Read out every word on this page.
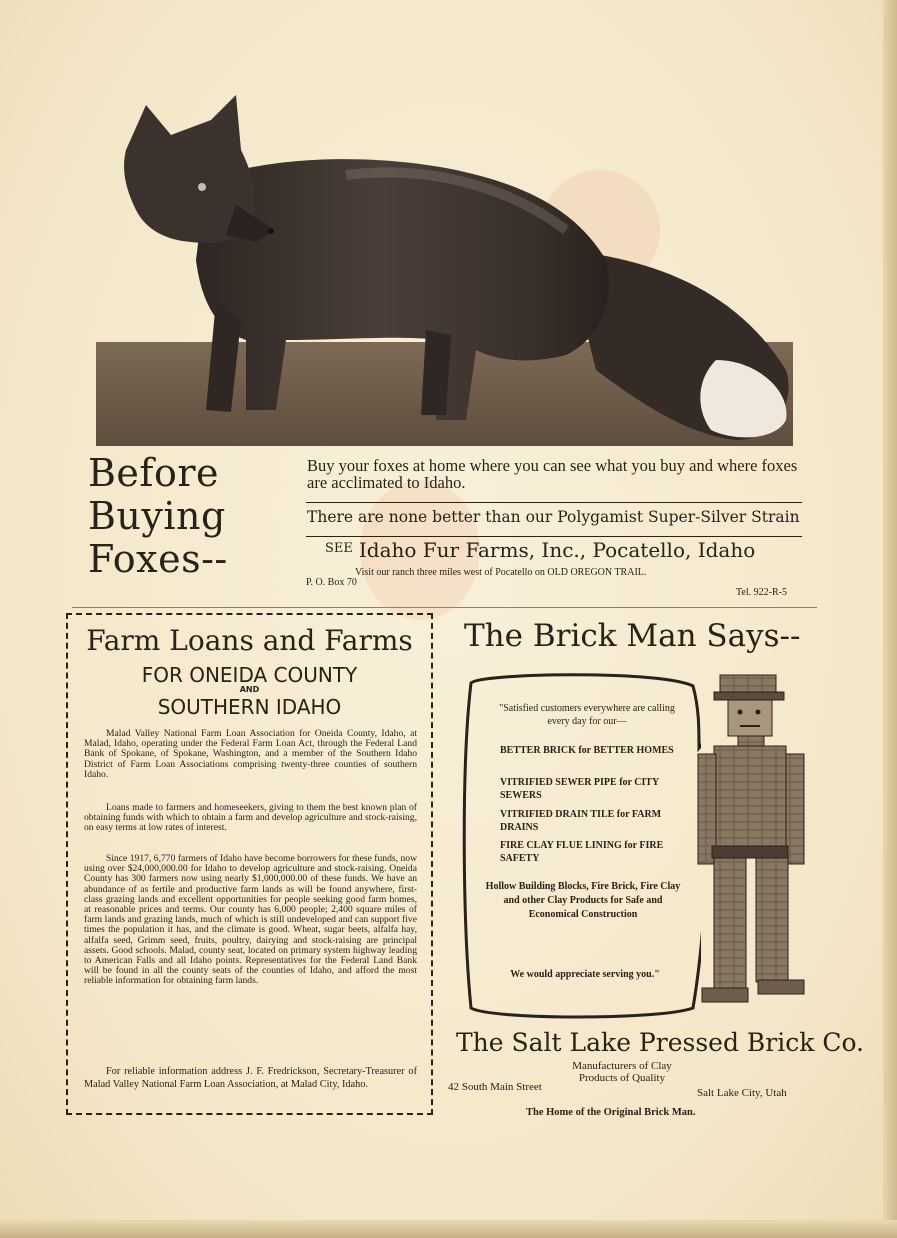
Before
Buying
Foxes--
Buy your foxes at home where you can see what you buy and where foxes are acclimated to Idaho.
There are none better than our Polygamist Super-Silver Strain
$^{SEE}$ Idaho Fur Farms, Inc., Pocatello, Idaho
Visit our ranch three miles west of Pocatello on OLD OREGON TRAIL.
P. O. Box 70
Tel. 922-R-5
Farm Loans and Farms
FOR ONEIDA COUNTY
AND
SOUTHERN IDAHO

Malad Valley National Farm Loan Association for Oneida County, Idaho, at Malad, Idaho, operating under the Federal Farm Loan Act, through the Federal Land Bank of Spokane, of Spokane, Washington, and a member of the Southern Idaho District of Farm Loan Associations comprising twenty-three counties of southern Idaho.

Loans made to farmers and homeseekers, giving to them the best known plan of obtaining funds with which to obtain a farm and develop agriculture and stock-raising, on easy terms at low rates of interest.

Since 1917, 6,770 farmers of Idaho have become borrowers for these funds, now using over $24,000,000.00 for Idaho to develop agriculture and stock-raising. Oneida County has 300 farmers now using nearly $1,000,000.00 of these funds. We have an abundance of as fertile and productive farm lands as will be found anywhere, first-class grazing lands and excellent opportunities for people seeking good farm homes, at reasonable prices and terms. Our county has 6,000 people; 2,400 square miles of farm lands and grazing lands, much of which is still undeveloped and can support five times the population it has, and the climate is good. Wheat, sugar beets, alfalfa hay, alfalfa seed, Grimm seed, fruits, poultry, dairying and stock-raising are principal assets. Good schools. Malad, county seat, located on primary system highway leading to American Falls and all Idaho points. Representatives for the Federal Land Bank will be found in all the county seats of the counties of Idaho, and afford the most reliable information for obtaining farm lands.

For reliable information address J. F. Fredrickson, Secretary-Treasurer of Malad Valley National Farm Loan Association, at Malad City, Idaho.

The Brick Man Says--
"Satisfied customers everywhere are calling every day for our—
BETTER BRICK for BETTER HOMES
VITRIFIED SEWER PIPE for CITY SEWERS
VITRIFIED DRAIN TILE for FARM DRAINS
FIRE CLAY FLUE LINING for FIRE SAFETY
Hollow Building Blocks, Fire Brick, Fire Clay and other Clay Products for Safe and Economical Construction
We would appreciate serving you."
The Salt Lake Pressed Brick Co.
Manufacturers of Clay Products of Quality
42 South Main Street	Salt Lake City, Utah
The Home of the Original Brick Man.
